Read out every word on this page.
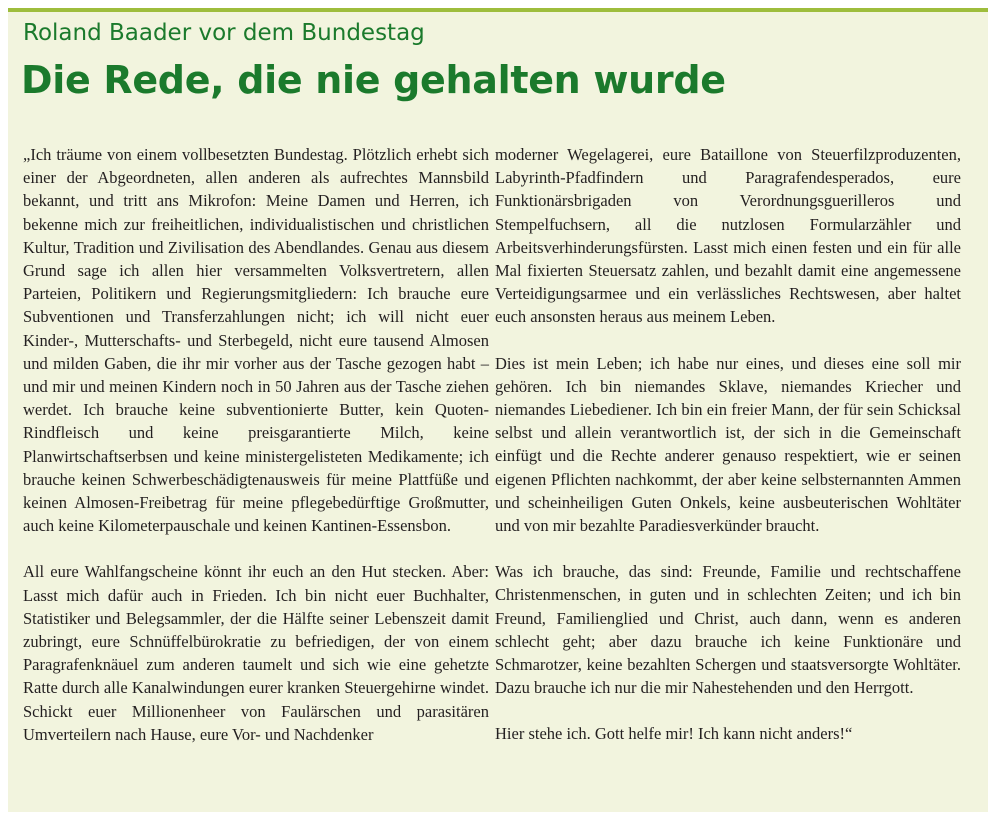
Roland Baader vor dem Bundestag
Die Rede, die nie gehalten wurde

„Ich träume von einem vollbesetzten Bundestag. Plötzlich erhebt sich einer der Abgeordneten, allen anderen als aufrechtes Mannsbild bekannt, und tritt ans Mikrofon: Meine Damen und Herren, ich bekenne mich zur freiheitlichen, individualistischen und christlichen Kultur, Tradition und Zivilisation des Abendlandes. Genau aus diesem Grund sage ich allen hier versammelten Volksvertretern, allen Parteien, Politikern und Regierungsmitgliedern: Ich brauche eure Subventionen und Transferzahlungen nicht; ich will nicht euer Kinder-, Mutterschafts- und Sterbegeld, nicht eure tausend Almosen und milden Gaben, die ihr mir vorher aus der Tasche gezogen habt – und mir und meinen Kindern noch in 50 Jahren aus der Tasche ziehen werdet. Ich brauche keine subventionierte Butter, kein Quoten-Rindfleisch und keine preisgarantierte Milch, keine Planwirtschaftserbsen und keine ministergelisteten Medikamente; ich brauche keinen Schwerbeschädigtenausweis für meine Plattfüße und keinen Almosen-Freibetrag für meine pflegebedürftige Großmutter, auch keine Kilometerpauschale und keinen Kantinen-Essensbon.

All eure Wahlfangscheine könnt ihr euch an den Hut stecken. Aber: Lasst mich dafür auch in Frieden. Ich bin nicht euer Buchhalter, Statistiker und Belegsammler, der die Hälfte seiner Lebenszeit damit zubringt, eure Schnüffelbürokratie zu befriedigen, der von einem Paragrafenknäuel zum anderen taumelt und sich wie eine gehetzte Ratte durch alle Kanalwindungen eurer kranken Steuergehirne windet. Schickt euer Millionenheer von Faulärschen und parasitären Umverteilern nach Hause, eure Vor- und Nachdenker

moderner Wegelagerei, eure Bataillone von Steuerfilzproduzenten, Labyrinth-Pfadfindern und Paragrafendesperados, eure Funktionärsbrigaden von Verordnungsguerilleros und Stempelfuchsern, all die nutzlosen Formularzähler und Arbeitsverhinderungsfürsten. Lasst mich einen festen und ein für alle Mal fixierten Steuersatz zahlen, und bezahlt damit eine angemessene Verteidigungsarmee und ein verlässliches Rechtswesen, aber haltet euch ansonsten heraus aus meinem Leben.

Dies ist mein Leben; ich habe nur eines, und dieses eine soll mir gehören. Ich bin niemandes Sklave, niemandes Kriecher und niemandes Liebediener. Ich bin ein freier Mann, der für sein Schicksal selbst und allein verantwortlich ist, der sich in die Gemeinschaft einfügt und die Rechte anderer genauso respektiert, wie er seinen eigenen Pflichten nachkommt, der aber keine selbsternannten Ammen und scheinheiligen Guten Onkels, keine ausbeuterischen Wohltäter und von mir bezahlte Paradiesverkünder braucht.

Was ich brauche, das sind: Freunde, Familie und rechtschaffene Christenmenschen, in guten und in schlechten Zeiten; und ich bin Freund, Familienglied und Christ, auch dann, wenn es anderen schlecht geht; aber dazu brauche ich keine Funktionäre und Schmarotzer, keine bezahlten Schergen und staatsversorgte Wohltäter. Dazu brauche ich nur die mir Nahestehenden und den Herrgott.

Hier stehe ich. Gott helfe mir! Ich kann nicht anders!“
